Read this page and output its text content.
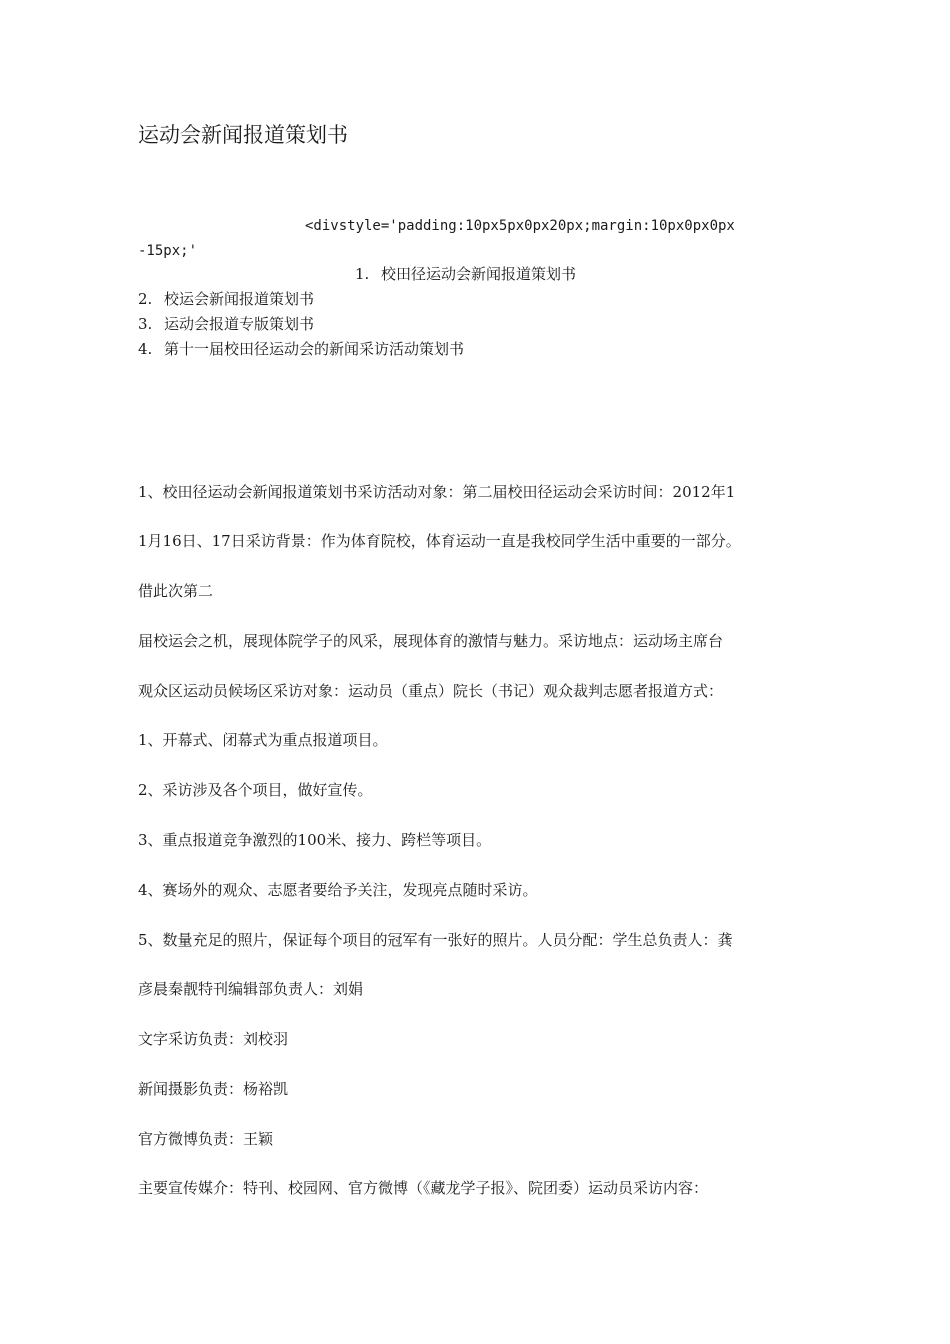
运动会新闻报道策划书
<divstyle='padding:10px5px0px20px;margin:10px0px0px
-15px;'
1. 校田径运动会新闻报道策划书
2. 校运会新闻报道策划书
3. 运动会报道专版策划书
4. 第十一届校田径运动会的新闻采访活动策划书
1、校田径运动会新闻报道策划书采访活动对象：第二届校田径运动会采访时间：2012年1
1月16日、17日采访背景：作为体育院校，体育运动一直是我校同学生活中重要的一部分。
借此次第二
届校运会之机，展现体院学子的风采，展现体育的激情与魅力。采访地点：运动场主席台
观众区运动员候场区采访对象：运动员（重点）院长（书记）观众裁判志愿者报道方式：
1、开幕式、闭幕式为重点报道项目。
2、采访涉及各个项目，做好宣传。
3、重点报道竞争激烈的100米、接力、跨栏等项目。
4、赛场外的观众、志愿者要给予关注，发现亮点随时采访。
5、数量充足的照片，保证每个项目的冠军有一张好的照片。人员分配：学生总负责人：龚
彦晨秦靓特刊编辑部负责人：刘娟
文字采访负责：刘校羽
新闻摄影负责：杨裕凯
官方微博负责：王颖
主要宣传媒介：特刊、校园网、官方微博（《藏龙学子报》、院团委）运动员采访内容：
